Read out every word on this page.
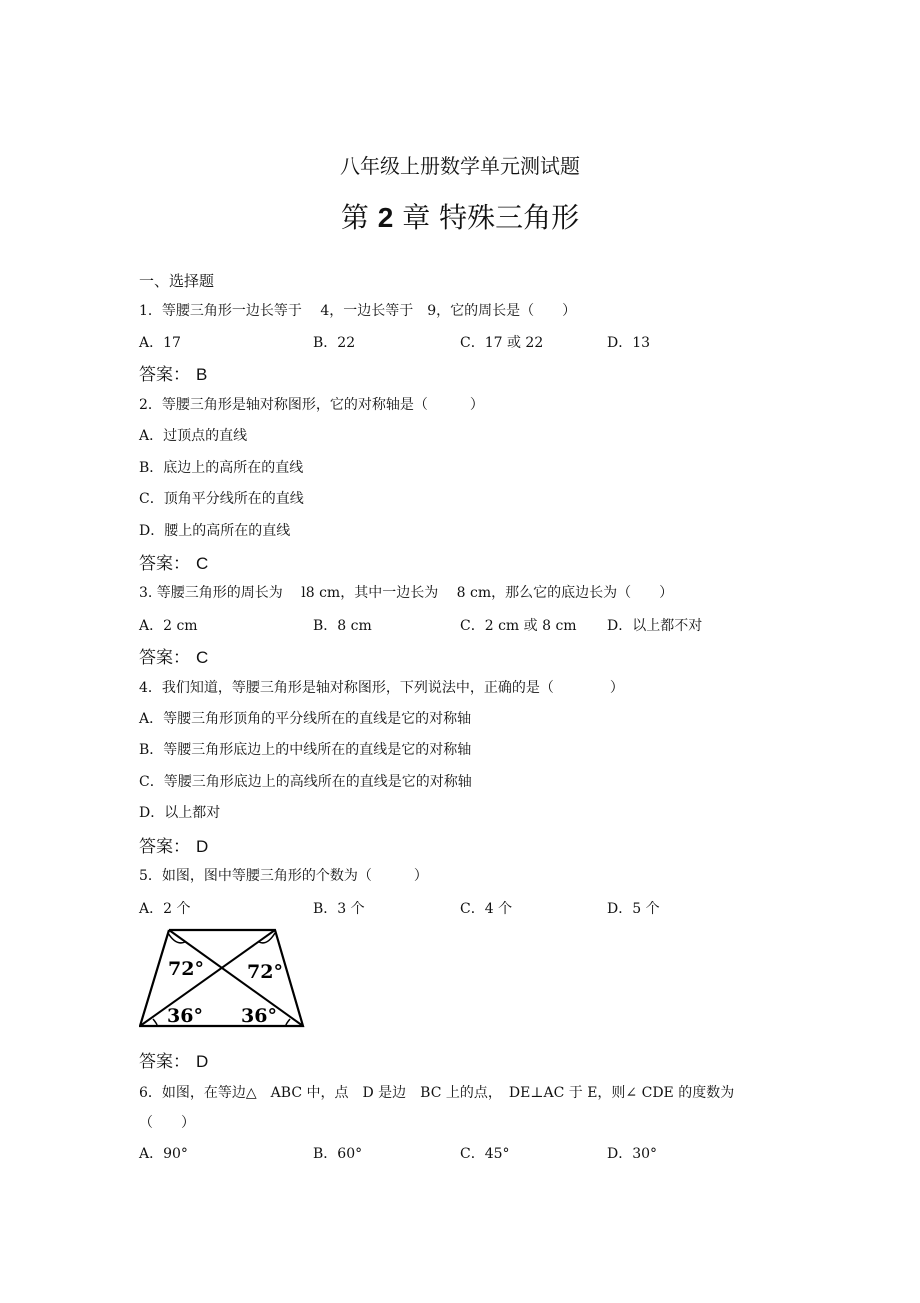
八年级上册数学单元测试题
第 2 章 特殊三角形
一、选择题
1．等腰三角形一边长等于　 4，一边长等于　9，它的周长是（　　）
A．17	B．22	C．17 或 22	D．13
答案： B
2．等腰三角形是轴对称图形，它的对称轴是（　　　）
A．过顶点的直线
B．底边上的高所在的直线
C．顶角平分线所在的直线
D．腰上的高所在的直线
答案： C
3. 等腰三角形的周长为　 l8 cm，其中一边长为　 8 cm，那么它的底边长为（　　）
A．2 cm	B．8 cm	C．2 cm 或 8 cm D．以上都不对
答案： C
4．我们知道，等腰三角形是轴对称图形，下列说法中，正确的是（　　　　）
A．等腰三角形顶角的平分线所在的直线是它的对称轴
B．等腰三角形底边上的中线所在的直线是它的对称轴
C．等腰三角形底边上的高线所在的直线是它的对称轴
D．以上都对
答案： D
5．如图，图中等腰三角形的个数为（　　　）
A．2 个	B．3 个	C．4 个	D．5 个
72° 72°
36° 36°
答案： D
6．如图，在等边△　ABC 中，点　D 是边　BC 上的点，　DE⊥AC 于 E，则∠ CDE 的度数为
（　　）
A．90°	B．60°	C．45°	D．30°
